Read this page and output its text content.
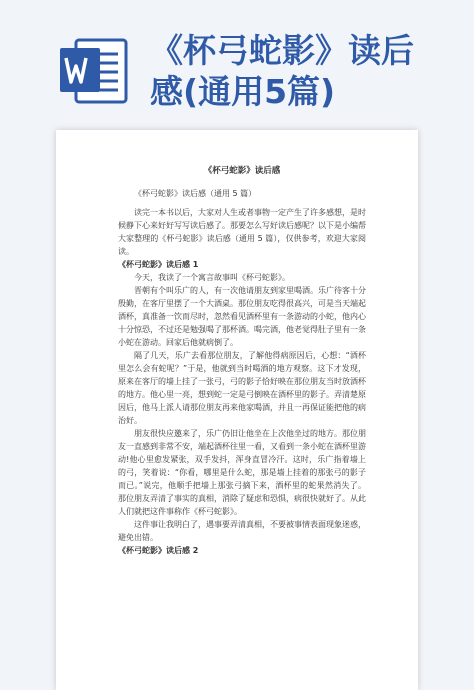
《杯弓蛇影》读后
感(通用5篇)
《杯弓蛇影》读后感
《杯弓蛇影》读后感（通用 5 篇）

读完一本书以后，大家对人生或者事物一定产生了许多感想，是时候静下心来好好写写读后感了。那要怎么写好读后感呢？以下是小编帮大家整理的《杯弓蛇影》读后感（通用 5 篇），仅供参考，欢迎大家阅读。

《杯弓蛇影》读后感 1

今天，我读了一个寓言故事叫《杯弓蛇影》。

晋朝有个叫乐广的人，有一次他请朋友到家里喝酒。乐广待客十分殷勤，在客厅里摆了一个大酒桌。那位朋友吃得很高兴，可是当天端起酒杯，真准备一饮而尽时，忽然看见酒杯里有一条游动的小蛇，他内心十分惊恐，不过还是勉强喝了那杯酒。喝完酒，他老觉得肚子里有一条小蛇在游动。回家后他就病倒了。

隔了几天，乐广去看那位朋友，了解他得病原因后，心想：“酒杯里怎么会有蛇呢？”于是，他就到当时喝酒的地方观察。这下才发现，原来在客厅的墙上挂了一张弓，弓的影子恰好映在那位朋友当时放酒杯的地方。他心里一亮，想到蛇一定是弓倒映在酒杯里的影子。弄清楚原因后，他马上派人请那位朋友再来他家喝酒，并且一再保证能把他的病治好。

朋友很快应邀来了，乐广仍旧让他坐在上次他坐过的地方。那位朋友一直感到非常不安，端起酒杯往里一看，又看到一条小蛇在酒杯里游动!他心里愈发紧张，双手发抖，浑身直冒冷汗。这时，乐广指着墙上的弓，笑着说：“你看，哪里是什么蛇，那是墙上挂着的那张弓的影子而已。”说完，他顺手把墙上那张弓摘下来，酒杯里的蛇果然消失了。那位朋友弄清了事实的真相，消除了疑虑和恐惧，病很快就好了。从此人们就把这件事称作《杯弓蛇影》。

这件事让我明白了，遇事要弄清真相，不要被事情表面现象迷惑，避免出错。

《杯弓蛇影》读后感 2
